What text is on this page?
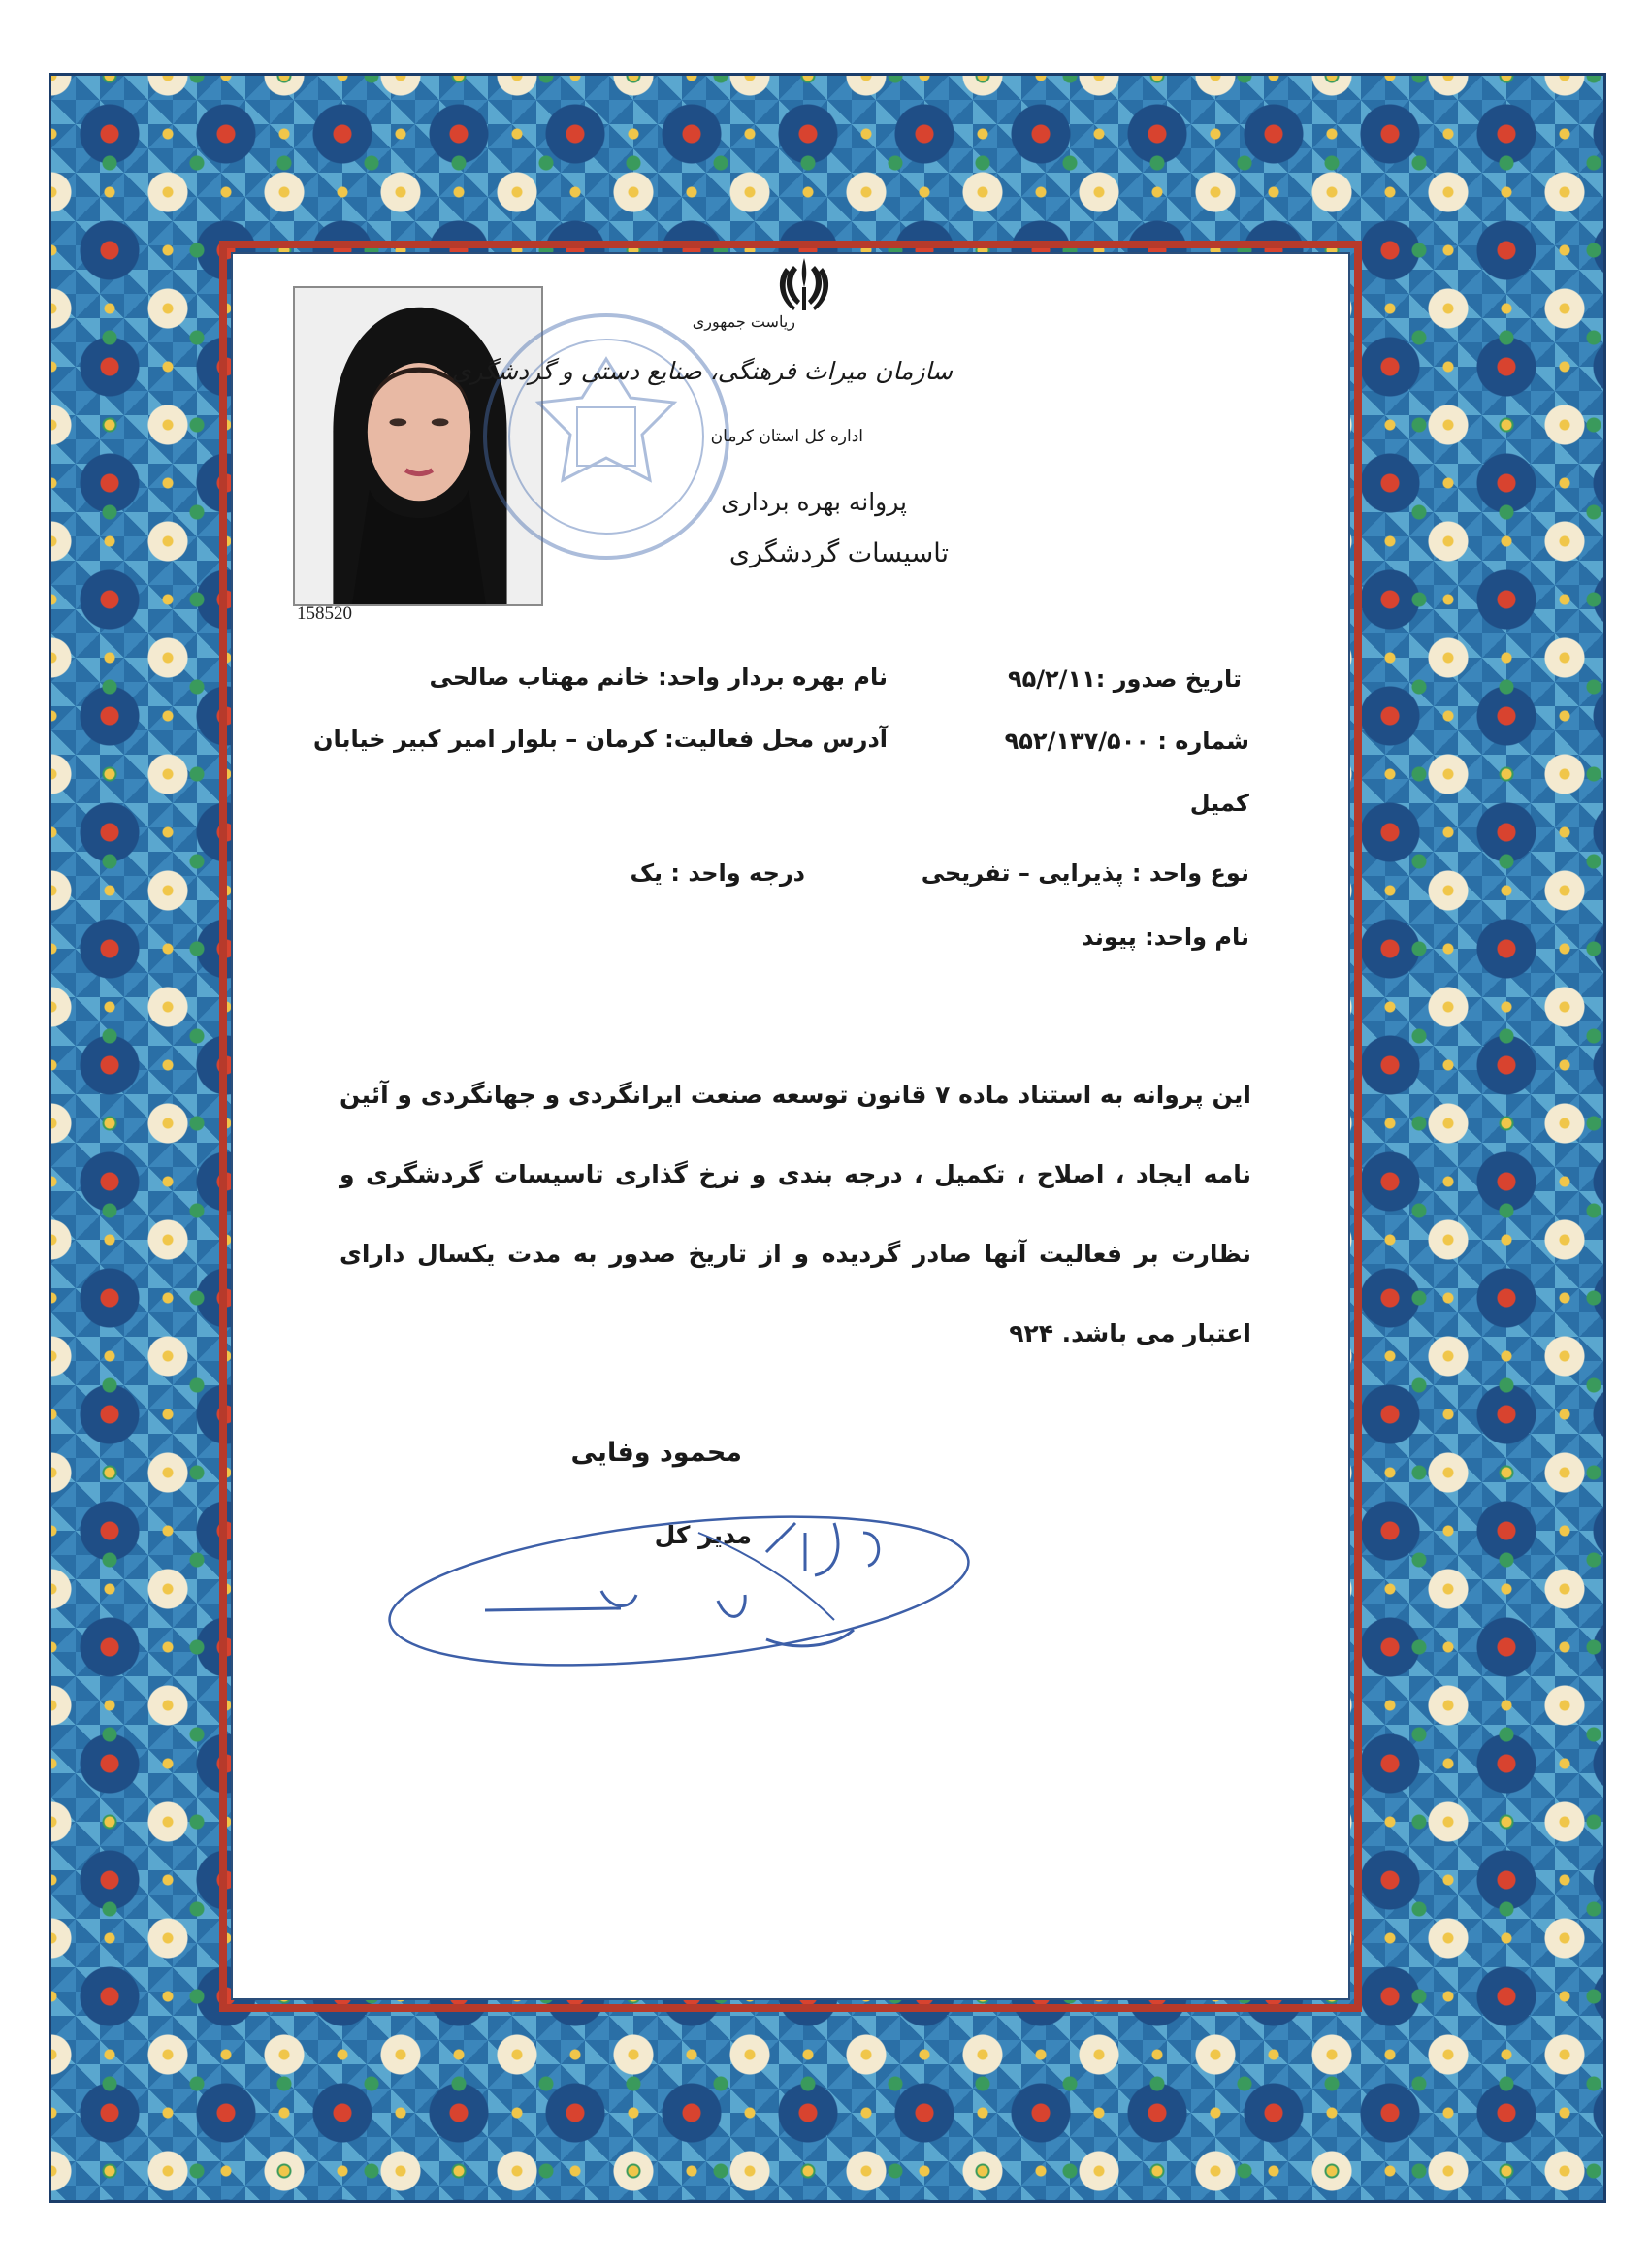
158520
ریاست جمهوری
سازمان میراث فرهنگی، صنایع دستی و گردشگری
اداره کل استان کرمان
پروانه بهره برداری
تاسیسات گردشگری
تاریخ صدور :۹۵/۲/۱۱
نام بهره بردار واحد: خانم مهتاب صالحی
شماره : ۹۵۲/۱۳۷/۵۰۰
آدرس محل فعالیت: کرمان – بلوار امیر کبیر خیابان
کمیل
نوع واحد : پذیرایی – تفریحی
درجه واحد : یک
نام واحد: پیوند
این پروانه به استناد ماده ۷ قانون توسعه صنعت ایرانگردی و جهانگردی و آئین نامه ایجاد ، اصلاح ، تکمیل ، درجه بندی و نرخ گذاری تاسیسات گردشگری و نظارت بر فعالیت آنها صادر گردیده و از تاریخ صدور به مدت یکسال دارای اعتبار می باشد. ۹۲۴
محمود وفایی
مدیر کل
